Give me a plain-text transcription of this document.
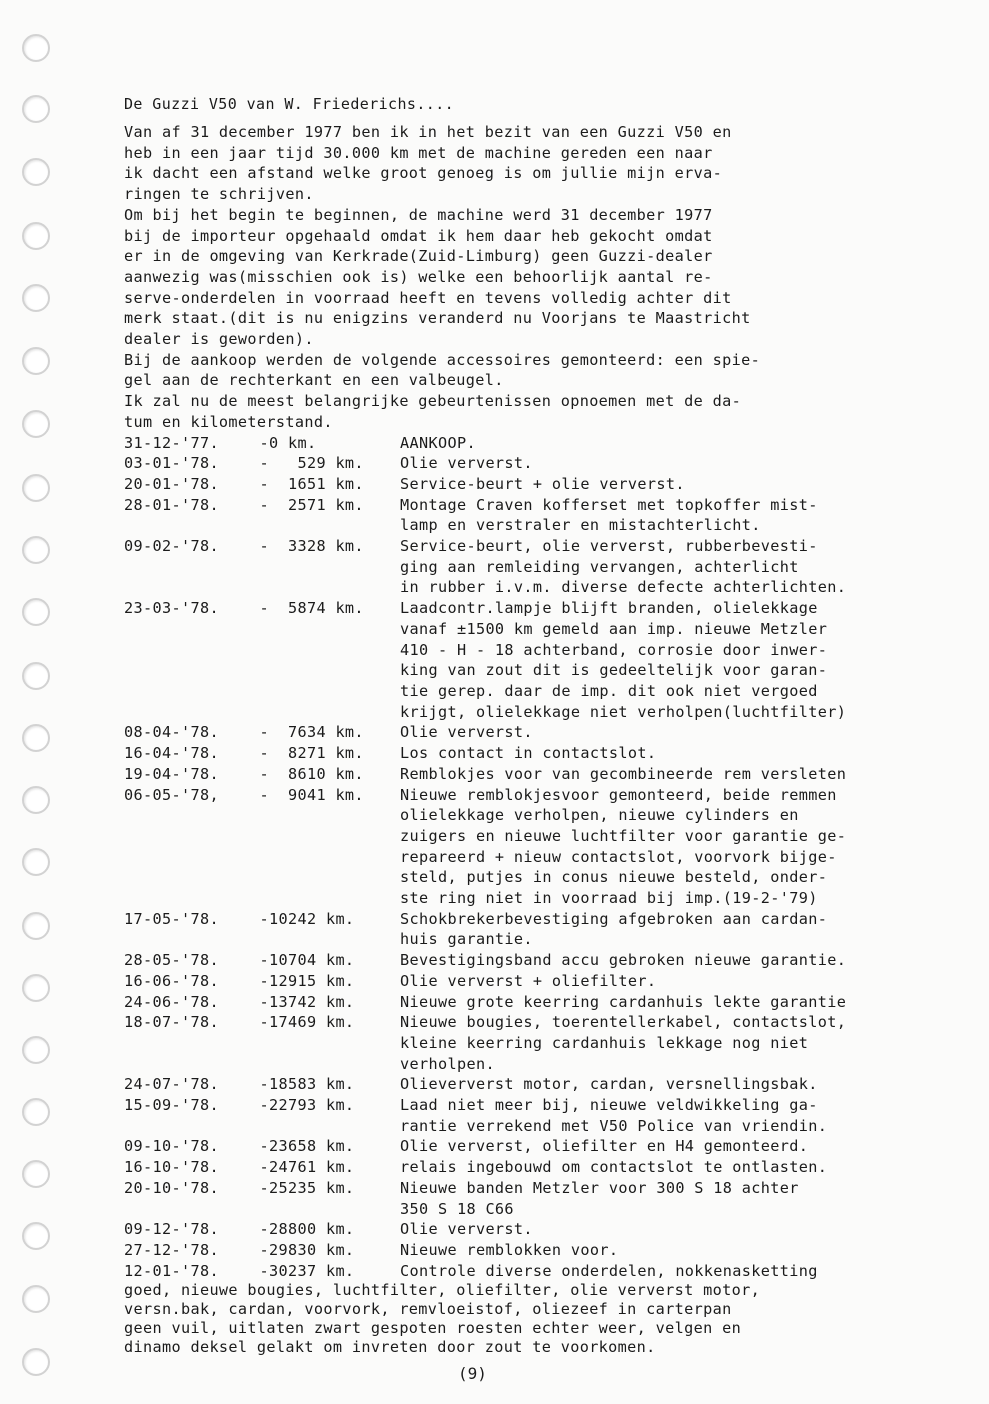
De Guzzi V50 van W. Friederichs....

Van af 31 december 1977 ben ik in het bezit van een Guzzi V50 en

heb in een jaar tijd 30.000 km met de machine gereden een naar

ik dacht een afstand welke groot genoeg is om jullie mijn erva-

ringen te schrijven.

Om bij het begin te beginnen, de machine werd 31 december 1977

bij de importeur opgehaald omdat ik hem daar heb gekocht omdat

er in de omgeving van Kerkrade(Zuid-Limburg) geen Guzzi-dealer

aanwezig was(misschien ook is) welke een behoorlijk aantal re-

serve-onderdelen in voorraad heeft en tevens volledig achter dit

merk staat.(dit is nu enigzins veranderd nu Voorjans te Maastricht

dealer is geworden).

Bij de aankoop werden de volgende accessoires gemonteerd: een spie-

gel aan de rechterkant en een valbeugel.

Ik zal nu de meest belangrijke gebeurtenissen opnoemen met de da-

tum en kilometerstand.

31-12-'77.	-0 km.	AANKOOP.
03-01-'78.	-   529 km.	Olie ververst.
20-01-'78.	-  1651 km.	Service-beurt + olie ververst.
28-01-'78.	-  2571 km.	Montage Craven kofferset met topkoffer mist-
lamp en verstraler en mistachterlicht.
09-02-'78.	-  3328 km.	Service-beurt, olie ververst, rubberbevesti-
ging aan remleiding vervangen, achterlicht
in rubber i.v.m. diverse defecte achterlichten.
23-03-'78.	-  5874 km.	Laadcontr.lampje blijft branden, olielekkage
vanaf ±1500 km gemeld aan imp. nieuwe Metzler
410 - H - 18 achterband, corrosie door inwer-
king van zout dit is gedeeltelijk voor garan-
tie gerep. daar de imp. dit ook niet vergoed
krijgt, olielekkage niet verholpen(luchtfilter)
08-04-'78.	-  7634 km.	Olie ververst.
16-04-'78.	-  8271 km.	Los contact in contactslot.
19-04-'78.	-  8610 km.	Remblokjes voor van gecombineerde rem versleten
06-05-'78,	-  9041 km.	Nieuwe remblokjesvoor gemonteerd, beide remmen
olielekkage verholpen, nieuwe cylinders en
zuigers en nieuwe luchtfilter voor garantie ge-
repareerd + nieuw contactslot, voorvork bijge-
steld, putjes in conus nieuwe besteld, onder-
ste ring niet in voorraad bij imp.(19-2-'79)
17-05-'78.	-10242 km.	Schokbrekerbevestiging afgebroken aan cardan-
huis garantie.
28-05-'78.	-10704 km.	Bevestigingsband accu gebroken nieuwe garantie.
16-06-'78.	-12915 km.	Olie ververst + oliefilter.
24-06-'78.	-13742 km.	Nieuwe grote keerring cardanhuis lekte garantie
18-07-'78.	-17469 km.	Nieuwe bougies, toerentellerkabel, contactslot,
kleine keerring cardanhuis lekkage nog niet
verholpen.
24-07-'78.	-18583 km.	Olieververst motor, cardan, versnellingsbak.
15-09-'78.	-22793 km.	Laad niet meer bij, nieuwe veldwikkeling ga-
rantie verrekend met V50 Police van vriendin.
09-10-'78.	-23658 km.	Olie ververst, oliefilter en H4 gemonteerd.
16-10-'78.	-24761 km.	relais ingebouwd om contactslot te ontlasten.
20-10-'78.	-25235 km.	Nieuwe banden Metzler voor 300 S 18 achter
350 S 18 C66
09-12-'78.	-28800 km.	Olie ververst.
27-12-'78.	-29830 km.	Nieuwe remblokken voor.
12-01-'78.	-30237 km.	Controle diverse onderdelen, nokkenasketting

goed, nieuwe bougies, luchtfilter, oliefilter, olie ververst motor,

versn.bak, cardan, voorvork, remvloeistof, oliezeef in carterpan

geen vuil, uitlaten zwart gespoten roesten echter weer, velgen en

dinamo deksel gelakt om invreten door zout te voorkomen.

(9)
